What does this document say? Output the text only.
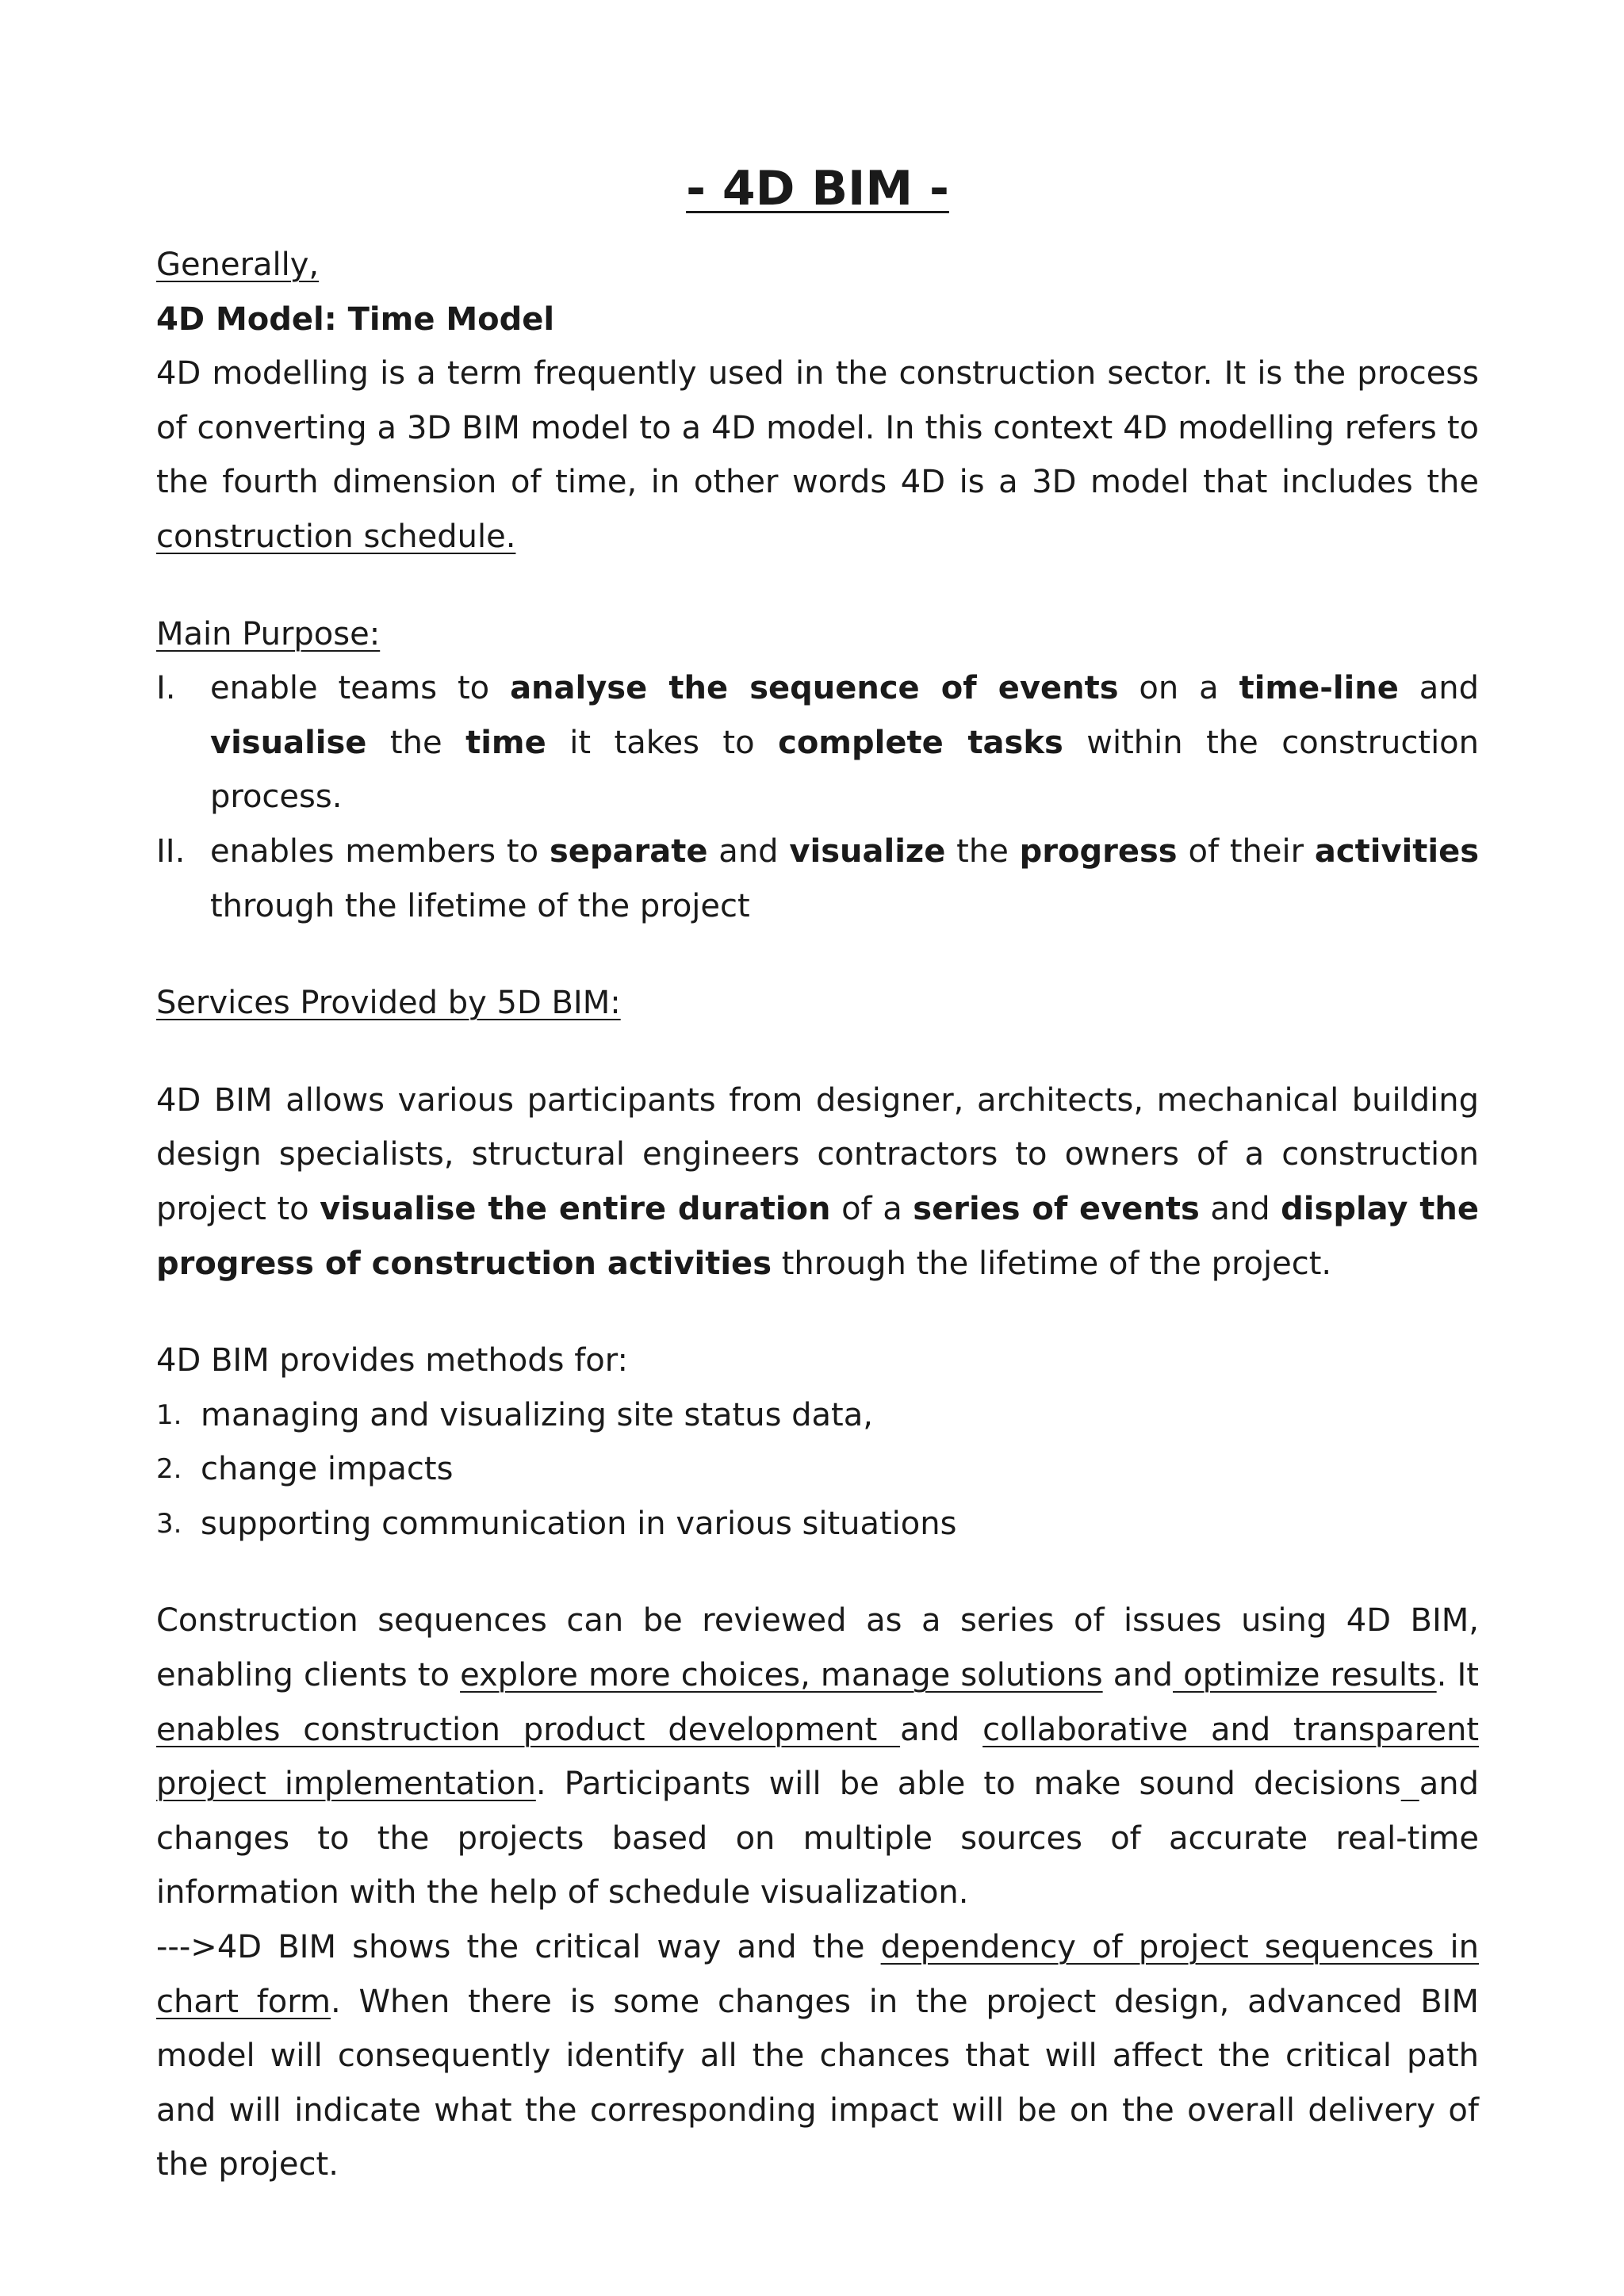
- 4D BIM -
Generally,
4D Model: Time Model

4D modelling is a term frequently used in the construction sector. It is the process of converting a 3D BIM model to a 4D model. In this context 4D modelling refers to the fourth dimension of time, in other words 4D is a 3D model that includes the construction schedule.

Main Purpose:
I.	enable teams to analyse the sequence of events on a time-line and visualise the time it takes to complete tasks within the construction process.
II. enables members to separate and visualize the progress of their activities through the lifetime of the project
Services Provided by 5D BIM:

4D BIM allows various participants from designer, architects, mechanical building design specialists, structural engineers contractors to owners of a construction project to visualise the entire duration of a series of events and display the progress of construction activities through the lifetime of the project.

4D BIM provides methods for:
1. managing and visualizing site status data,
2. change impacts
3. supporting communication in various situations

Construction sequences can be reviewed as a series of issues using 4D BIM, enabling clients to explore more choices, manage solutions and optimize results. It enables construction product development and collaborative and transparent project implementation. Participants will be able to make sound decisions and changes to the projects based on multiple sources of accurate real-time information with the help of schedule visualization.

--->4D BIM shows the critical way and the dependency of project sequences in chart form. When there is some changes in the project design, advanced BIM model will consequently identify all the chances that will affect the critical path and will indicate what the corresponding impact will be on the overall delivery of the project.
